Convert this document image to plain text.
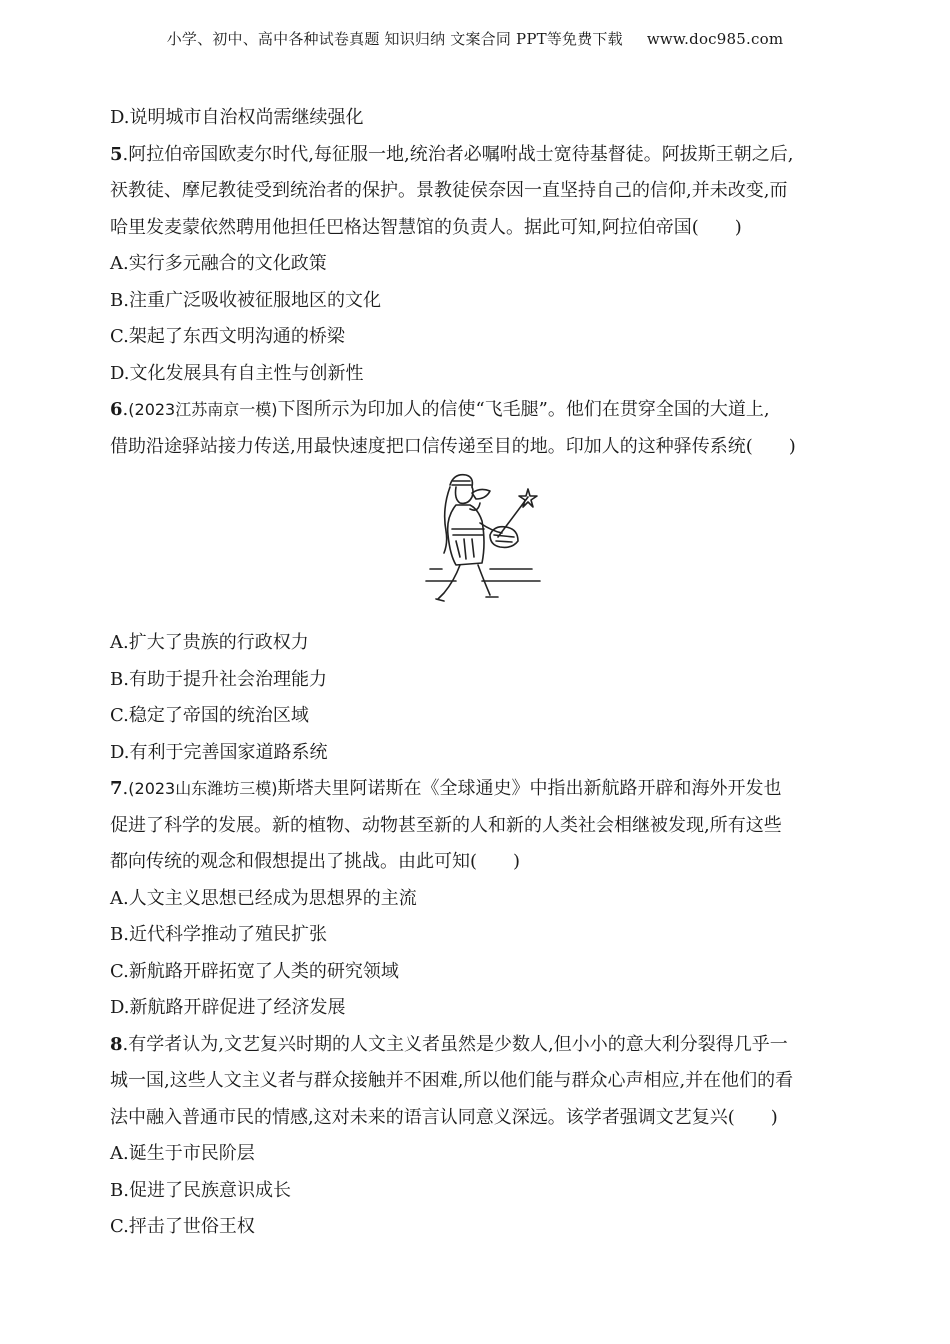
小学、初中、高中各种试卷真题 知识归纳 文案合同 PPT等免费下载 www.doc985.com
D.说明城市自治权尚需继续强化
5.阿拉伯帝国欧麦尔时代,每征服一地,统治者必嘱咐战士宽待基督徒。阿拔斯王朝之后,
祆教徒、摩尼教徒受到统治者的保护。景教徒侯奈因一直坚持自己的信仰,并未改变,而
哈里发麦蒙依然聘用他担任巴格达智慧馆的负责人。据此可知,阿拉伯帝国(　　)
A.实行多元融合的文化政策
B.注重广泛吸收被征服地区的文化
C.架起了东西文明沟通的桥梁
D.文化发展具有自主性与创新性
6.(2023江苏南京一模)下图所示为印加人的信使“飞毛腿”。他们在贯穿全国的大道上,
借助沿途驿站接力传送,用最快速度把口信传递至目的地。印加人的这种驿传系统(　　)
A.扩大了贵族的行政权力
B.有助于提升社会治理能力
C.稳定了帝国的统治区域
D.有利于完善国家道路系统
7.(2023山东潍坊三模)斯塔夫里阿诺斯在《全球通史》中指出新航路开辟和海外开发也
促进了科学的发展。新的植物、动物甚至新的人和新的人类社会相继被发现,所有这些
都向传统的观念和假想提出了挑战。由此可知(　　)
A.人文主义思想已经成为思想界的主流
B.近代科学推动了殖民扩张
C.新航路开辟拓宽了人类的研究领域
D.新航路开辟促进了经济发展
8.有学者认为,文艺复兴时期的人文主义者虽然是少数人,但小小的意大利分裂得几乎一
城一国,这些人文主义者与群众接触并不困难,所以他们能与群众心声相应,并在他们的看
法中融入普通市民的情感,这对未来的语言认同意义深远。该学者强调文艺复兴(　　)
A.诞生于市民阶层
B.促进了民族意识成长
C.抨击了世俗王权
